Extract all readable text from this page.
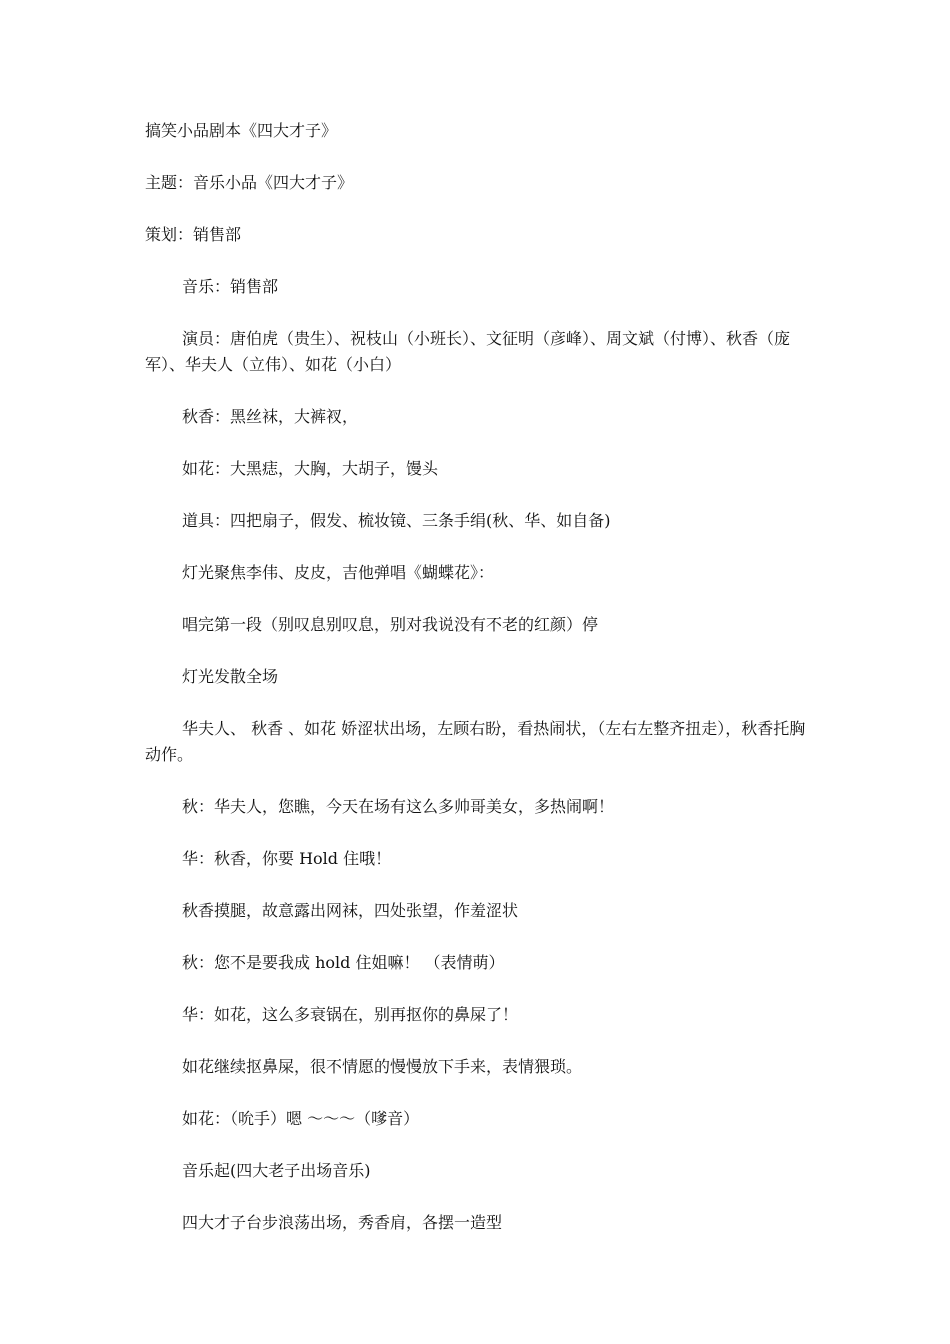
搞笑小品剧本《四大才子》

主题：音乐小品《四大才子》

策划：销售部

音乐：销售部

演员：唐伯虎（贵生）、祝枝山（小班长）、文征明（彦峰）、周文斌（付博）、秋香（庞军）、华夫人（立伟）、如花（小白）

秋香：黑丝袜，大裤衩，

如花：大黑痣，大胸，大胡子，馒头

道具：四把扇子，假发、梳妆镜、三条手绢(秋、华、如自备)

灯光聚焦李伟、皮皮，吉他弹唱《蝴蝶花》：

唱完第一段（别叹息别叹息，别对我说没有不老的红颜）停

灯光发散全场

华夫人、 秋香 、如花 娇涩状出场，左顾右盼，看热闹状，（左右左整齐扭走），秋香托胸动作。

秋：华夫人，您瞧，今天在场有这么多帅哥美女，多热闹啊！

华：秋香，你要 Hold 住哦！

秋香摸腿，故意露出网袜，四处张望，作羞涩状

秋：您不是要我成 hold 住姐嘛！ （表情萌）

华：如花，这么多衰锅在，别再抠你的鼻屎了！

如花继续抠鼻屎，很不情愿的慢慢放下手来，表情猥琐。

如花：（吮手）嗯 ～～～（嗲音）

音乐起(四大老子出场音乐)

四大才子台步浪荡出场，秀香肩，各摆一造型
